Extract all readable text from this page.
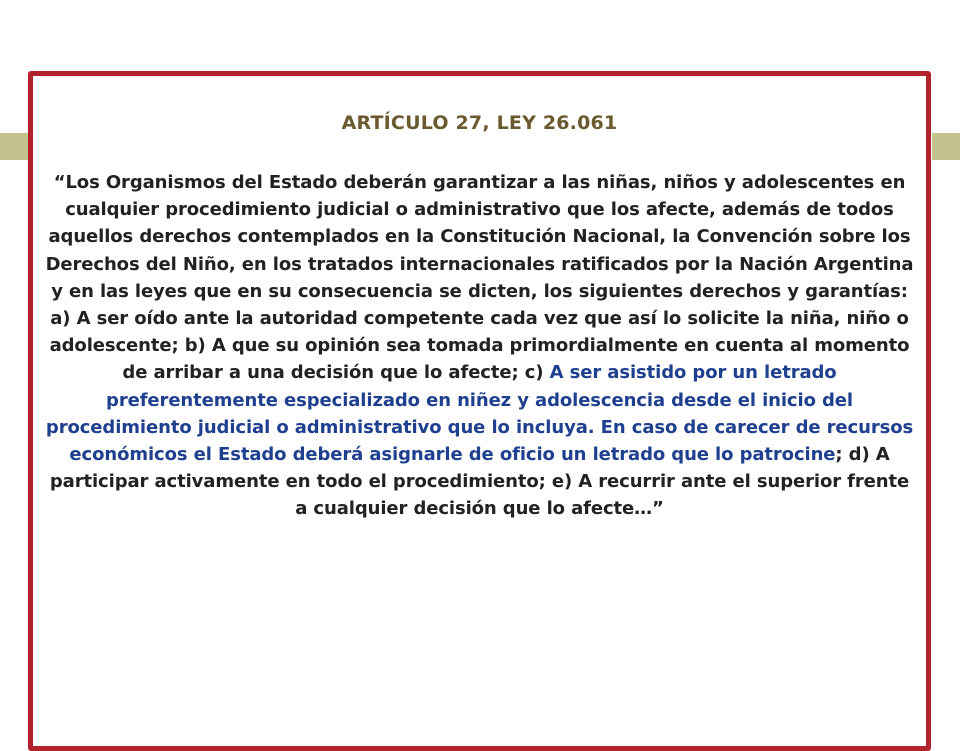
ARTÍCULO 27, LEY 26.061
“Los Organismos del Estado deberán garantizar a las niñas, niños y adolescentes en cualquier procedimiento judicial o administrativo que los afecte, además de todos aquellos derechos contemplados en la Constitución Nacional, la Convención sobre los Derechos del Niño, en los tratados internacionales ratificados por la Nación Argentina y en las leyes que en su consecuencia se dicten, los siguientes derechos y garantías: a) A ser oído ante la autoridad competente cada vez que así lo solicite la niña, niño o adolescente; b) A que su opinión sea tomada primordialmente en cuenta al momento de arribar a una decisión que lo afecte; c) A ser asistido por un letrado preferentemente especializado en niñez y adolescencia desde el inicio del procedimiento judicial o administrativo que lo incluya. En caso de carecer de recursos económicos el Estado deberá asignarle de oficio un letrado que lo patrocine; d) A participar activamente en todo el procedimiento; e) A recurrir ante el superior frente a cualquier decisión que lo afecte…”
